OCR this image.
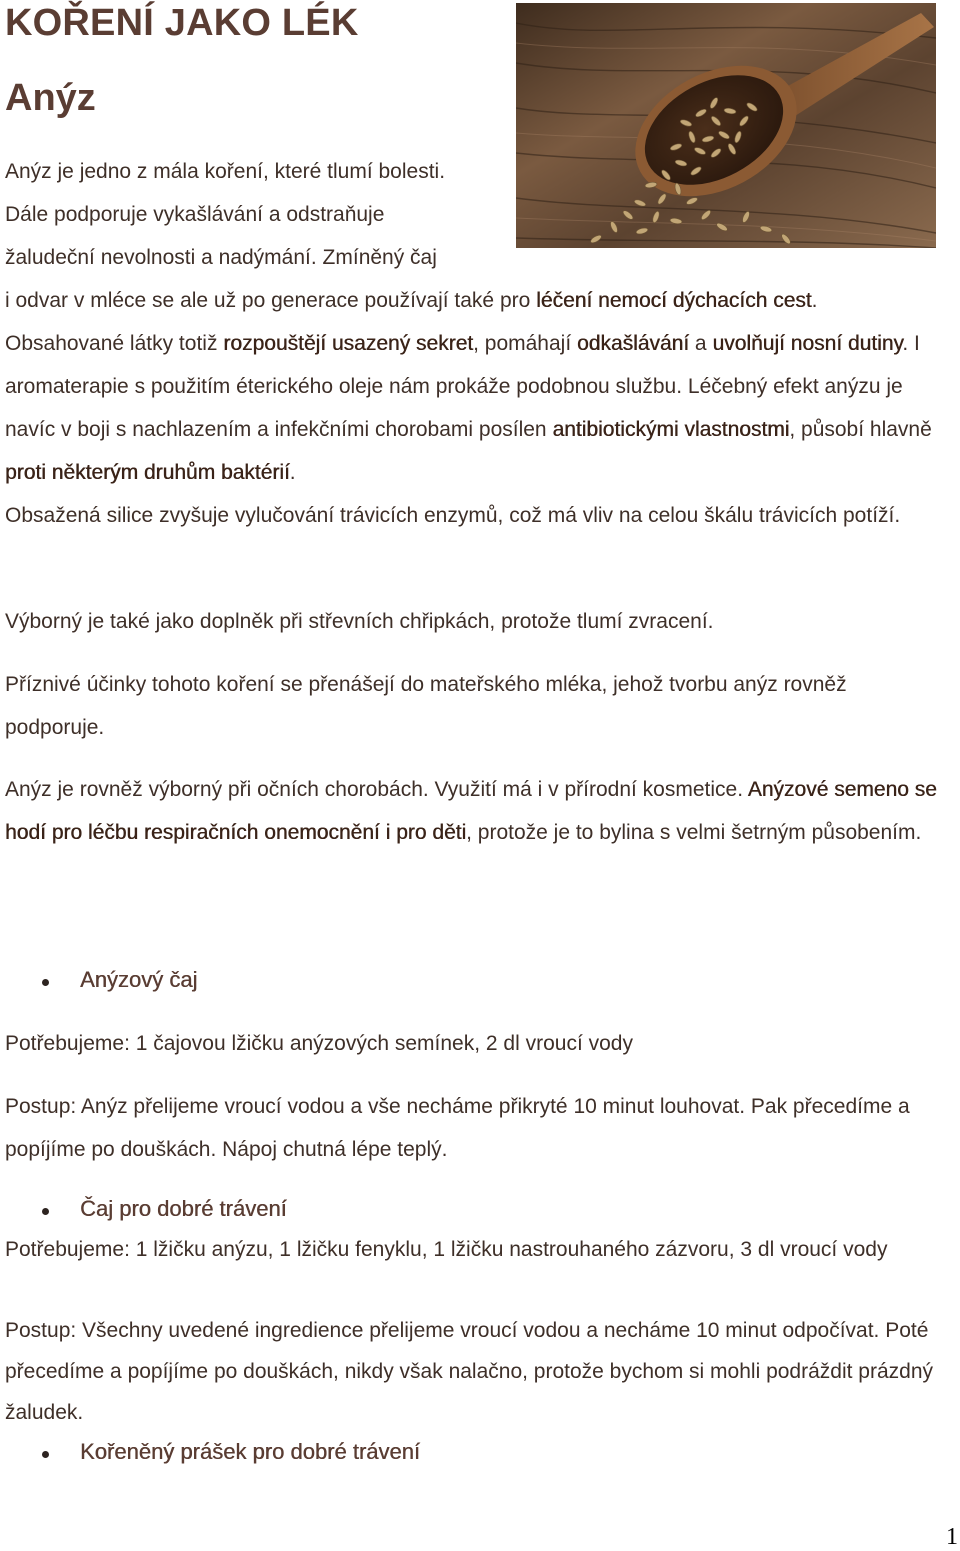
KOŘENÍ JAKO LÉK
Anýz

Anýz je jedno z mála koření, které tlumí bolesti.

Dále podporuje vykašlávání a odstraňuje

žaludeční nevolnosti a nadýmání. Zmíněný čaj

i odvar v mléce se ale už po generace používají také pro léčení nemocí dýchacích cest.
Obsahované látky totiž rozpouštějí usazený sekret, pomáhají odkašlávání a uvolňují nosní dutiny. I aromaterapie s použitím éterického oleje nám prokáže podobnou službu. Léčebný efekt anýzu je navíc v boji s nachlazením a infekčními chorobami posílen antibiotickými vlastnostmi, působí hlavně proti některým druhům baktérií.
Obsažená silice zvyšuje vylučování trávicích enzymů, což má vliv na celou škálu trávicích potíží.

Výborný je také jako doplněk při střevních chřipkách, protože tlumí zvracení.

Příznivé účinky tohoto koření se přenášejí do mateřského mléka, jehož tvorbu anýz rovněž podporuje.

Anýz je rovněž výborný při očních chorobách. Využití má i v přírodní kosmetice. Anýzové semeno se hodí pro léčbu respiračních onemocnění i pro děti, protože je to bylina s velmi šetrným působením.

Anýzový čaj

Potřebujeme: 1 čajovou lžičku anýzových semínek, 2 dl vroucí vody

Postup: Anýz přelijeme vroucí vodou a vše necháme přikryté 10 minut louhovat. Pak přecedíme a popíjíme po douškách. Nápoj chutná lépe teplý.

Čaj pro dobré trávení

Potřebujeme: 1 lžičku anýzu, 1 lžičku fenyklu, 1 lžičku nastrouhaného zázvoru, 3 dl vroucí vody

Postup: Všechny uvedené ingredience přelijeme vroucí vodou a necháme 10 minut odpočívat. Poté přecedíme a popíjíme po douškách, nikdy však nalačno, protože bychom si mohli podráždit prázdný žaludek.

Kořeněný prášek pro dobré trávení
1
